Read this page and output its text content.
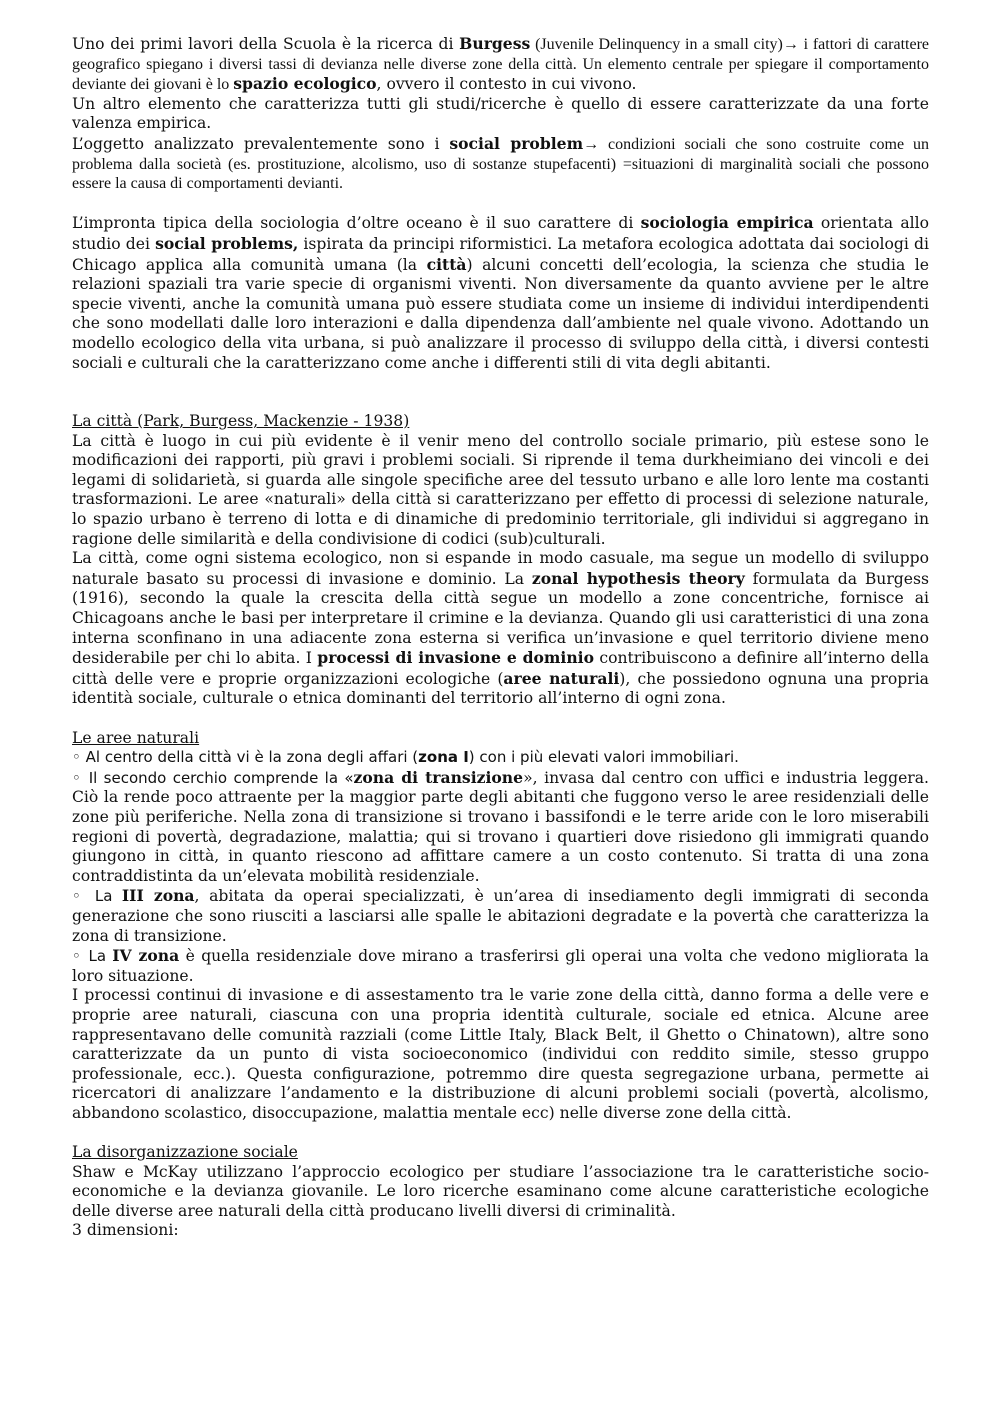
Uno dei primi lavori della Scuola è la ricerca di Burgess (Juvenile Delinquency in a small city)→ i fattori di carattere geografico spiegano i diversi tassi di devianza nelle diverse zone della città. Un elemento centrale per spiegare il comportamento deviante dei giovani è lo spazio ecologico, ovvero il contesto in cui vivono.

Un altro elemento che caratterizza tutti gli studi/ricerche è quello di essere caratterizzate da una forte valenza empirica.

L’oggetto analizzato prevalentemente sono i social problem→ condizioni sociali che sono costruite come un problema dalla società (es. prostituzione, alcolismo, uso di sostanze stupefacenti) =situazioni di marginalità sociali che possono essere la causa di comportamenti devianti.

L’impronta tipica della sociologia d’oltre oceano è il suo carattere di sociologia empirica orientata allo studio dei social problems, ispirata da principi riformistici. La metafora ecologica adottata dai sociologi di Chicago applica alla comunità umana (la città) alcuni concetti dell’ecologia, la scienza che studia le relazioni spaziali tra varie specie di organismi viventi. Non diversamente da quanto avviene per le altre specie viventi, anche la comunità umana può essere studiata come un insieme di individui interdipendenti che sono modellati dalle loro interazioni e dalla dipendenza dall’ambiente nel quale vivono. Adottando un modello ecologico della vita urbana, si può analizzare il processo di sviluppo della città, i diversi contesti sociali e culturali che la caratterizzano come anche i differenti stili di vita degli abitanti.

La città (Park, Burgess, Mackenzie - 1938)

La città è luogo in cui più evidente è il venir meno del controllo sociale primario, più estese sono le modificazioni dei rapporti, più gravi i problemi sociali. Si riprende il tema durkheimiano dei vincoli e dei legami di solidarietà, si guarda alle singole specifiche aree del tessuto urbano e alle loro lente ma costanti trasformazioni. Le aree «naturali» della città si caratterizzano per effetto di processi di selezione naturale, lo spazio urbano è terreno di lotta e di dinamiche di predominio territoriale, gli individui si aggregano in ragione delle similarità e della condivisione di codici (sub)culturali.

La città, come ogni sistema ecologico, non si espande in modo casuale, ma segue un modello di sviluppo naturale basato su processi di invasione e dominio. La zonal hypothesis theory formulata da Burgess (1916), secondo la quale la crescita della città segue un modello a zone concentriche, fornisce ai Chicagoans anche le basi per interpretare il crimine e la devianza. Quando gli usi caratteristici di una zona interna sconfinano in una adiacente zona esterna si verifica un’invasione e quel territorio diviene meno desiderabile per chi lo abita. I processi di invasione e dominio contribuiscono a definire all’interno della città delle vere e proprie organizzazioni ecologiche (aree naturali), che possiedono ognuna una propria identità sociale, culturale o etnica dominanti del territorio all’interno di ogni zona.

Le aree naturali

◦ Al centro della città vi è la zona degli affari (zona I) con i più elevati valori immobiliari.

◦ Il secondo cerchio comprende la «zona di transizione», invasa dal centro con uffici e industria leggera. Ciò la rende poco attraente per la maggior parte degli abitanti che fuggono verso le aree residenziali delle zone più periferiche. Nella zona di transizione si trovano i bassifondi e le terre aride con le loro miserabili regioni di povertà, degradazione, malattia; qui si trovano i quartieri dove risiedono gli immigrati quando giungono in città, in quanto riescono ad affittare camere a un costo contenuto. Si tratta di una zona contraddistinta da un’elevata mobilità residenziale.

◦ La III zona, abitata da operai specializzati, è un’area di insediamento degli immigrati di seconda generazione che sono riusciti a lasciarsi alle spalle le abitazioni degradate e la povertà che caratterizza la zona di transizione.

◦ La IV zona è quella residenziale dove mirano a trasferirsi gli operai una volta che vedono migliorata la loro situazione.

I processi continui di invasione e di assestamento tra le varie zone della città, danno forma a delle vere e proprie aree naturali, ciascuna con una propria identità culturale, sociale ed etnica. Alcune aree rappresentavano delle comunità razziali (come Little Italy, Black Belt, il Ghetto o Chinatown), altre sono caratterizzate da un punto di vista socioeconomico (individui con reddito simile, stesso gruppo professionale, ecc.). Questa configurazione, potremmo dire questa segregazione urbana, permette ai ricercatori di analizzare l’andamento e la distribuzione di alcuni problemi sociali (povertà, alcolismo, abbandono scolastico, disoccupazione, malattia mentale ecc) nelle diverse zone della città.

La disorganizzazione sociale

Shaw e McKay utilizzano l’approccio ecologico per studiare l’associazione tra le caratteristiche socio-economiche e la devianza giovanile. Le loro ricerche esaminano come alcune caratteristiche ecologiche delle diverse aree naturali della città producano livelli diversi di criminalità.

3 dimensioni:
